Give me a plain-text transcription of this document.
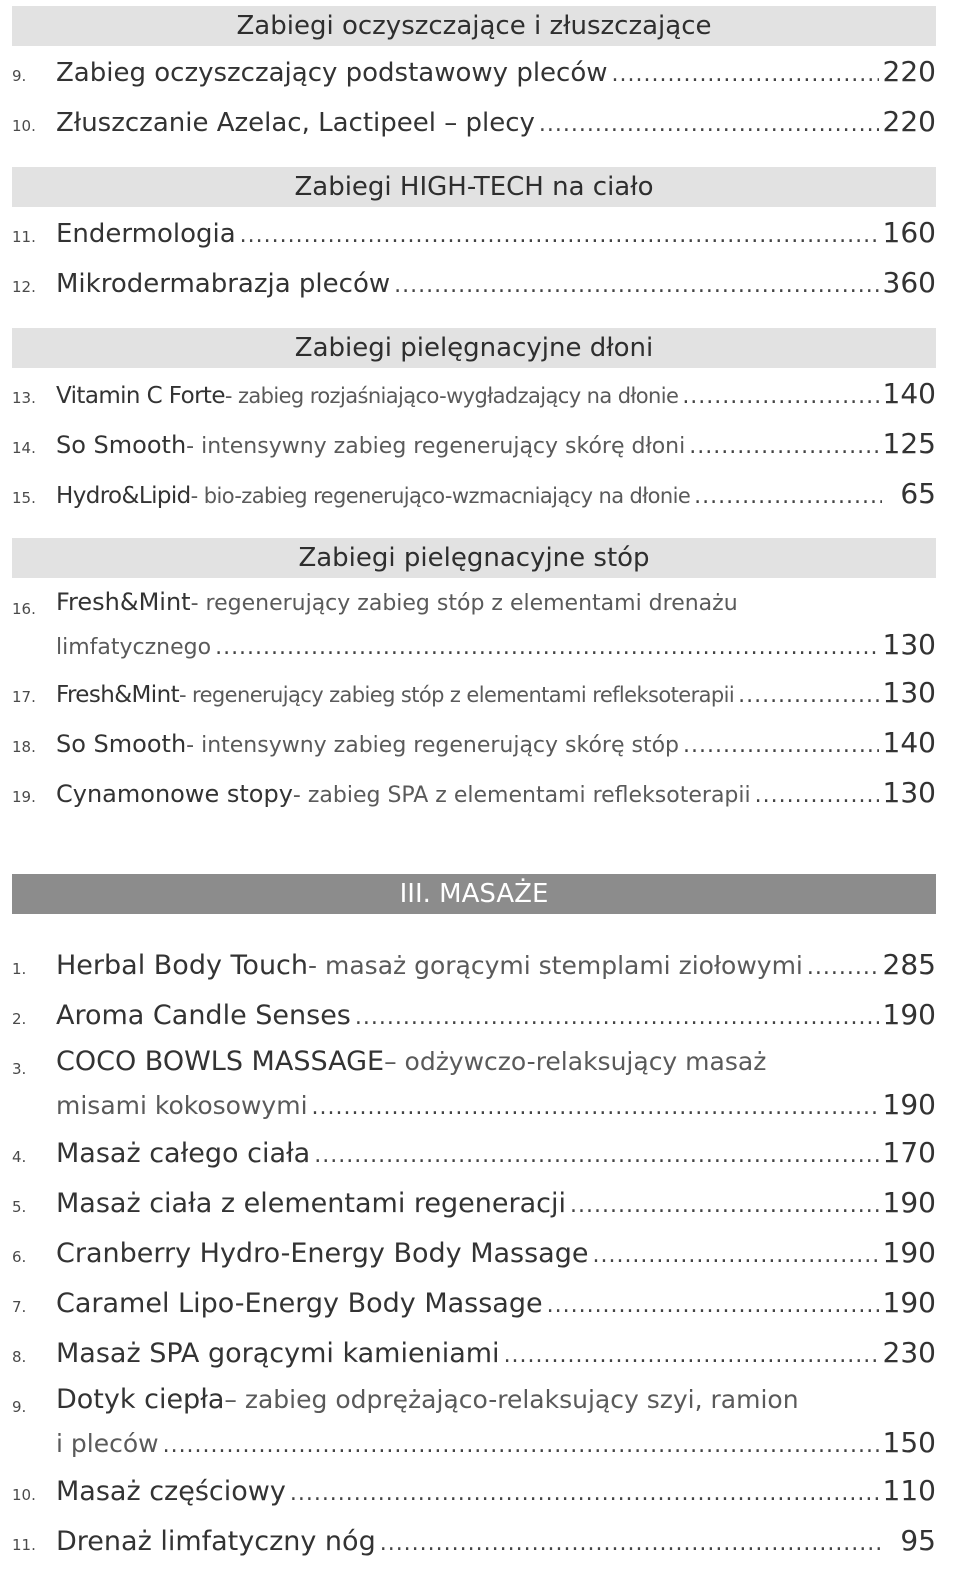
Zabiegi oczyszczające i złuszczające
9. Zabieg oczyszczający podstawowy pleców .....	220
10. Złuszczanie Azelac, Lactipeel – plecy .....	220
Zabiegi HIGH-TECH na ciało
11. Endermologia .....	160
12. Mikrodermabrazja pleców .....	360
Zabiegi pielęgnacyjne dłoni
13. Vitamin C Forte - zabieg rozjaśniająco-wygładzający na dłonie .....	140
14. So Smooth - intensywny zabieg regenerujący skórę dłoni .....	125
15. Hydro&Lipid - bio-zabieg regenerująco-wzmacniający na dłonie .....	65
Zabiegi pielęgnacyjne stóp
16. Fresh&Mint - regenerujący zabieg stóp z elementami drenażu
limfatycznego .....	130
17. Fresh&Mint - regenerujący zabieg stóp z elementami refleksoterapii .....	130
18. So Smooth - intensywny zabieg regenerujący skórę stóp .....	140
19. Cynamonowe stopy - zabieg SPA z elementami refleksoterapii .....	130
III. MASAŻE
1. Herbal Body Touch - masaż gorącymi stemplami ziołowymi .....	285
2. Aroma Candle Senses .....	190
3. COCO BOWLS MASSAGE – odżywczo-relaksujący masaż
misami kokosowymi .....	190
4. Masaż całego ciała .....	170
5. Masaż ciała z elementami regeneracji .....	190
6. Cranberry Hydro-Energy Body Massage .....	190
7. Caramel Lipo-Energy Body Massage .....	190
8. Masaż SPA gorącymi kamieniami .....	230
9. Dotyk ciepła – zabieg odprężająco-relaksujący szyi, ramion
i pleców .....	150
10. Masaż częściowy .....	110
11. Drenaż limfatyczny nóg .....	95
